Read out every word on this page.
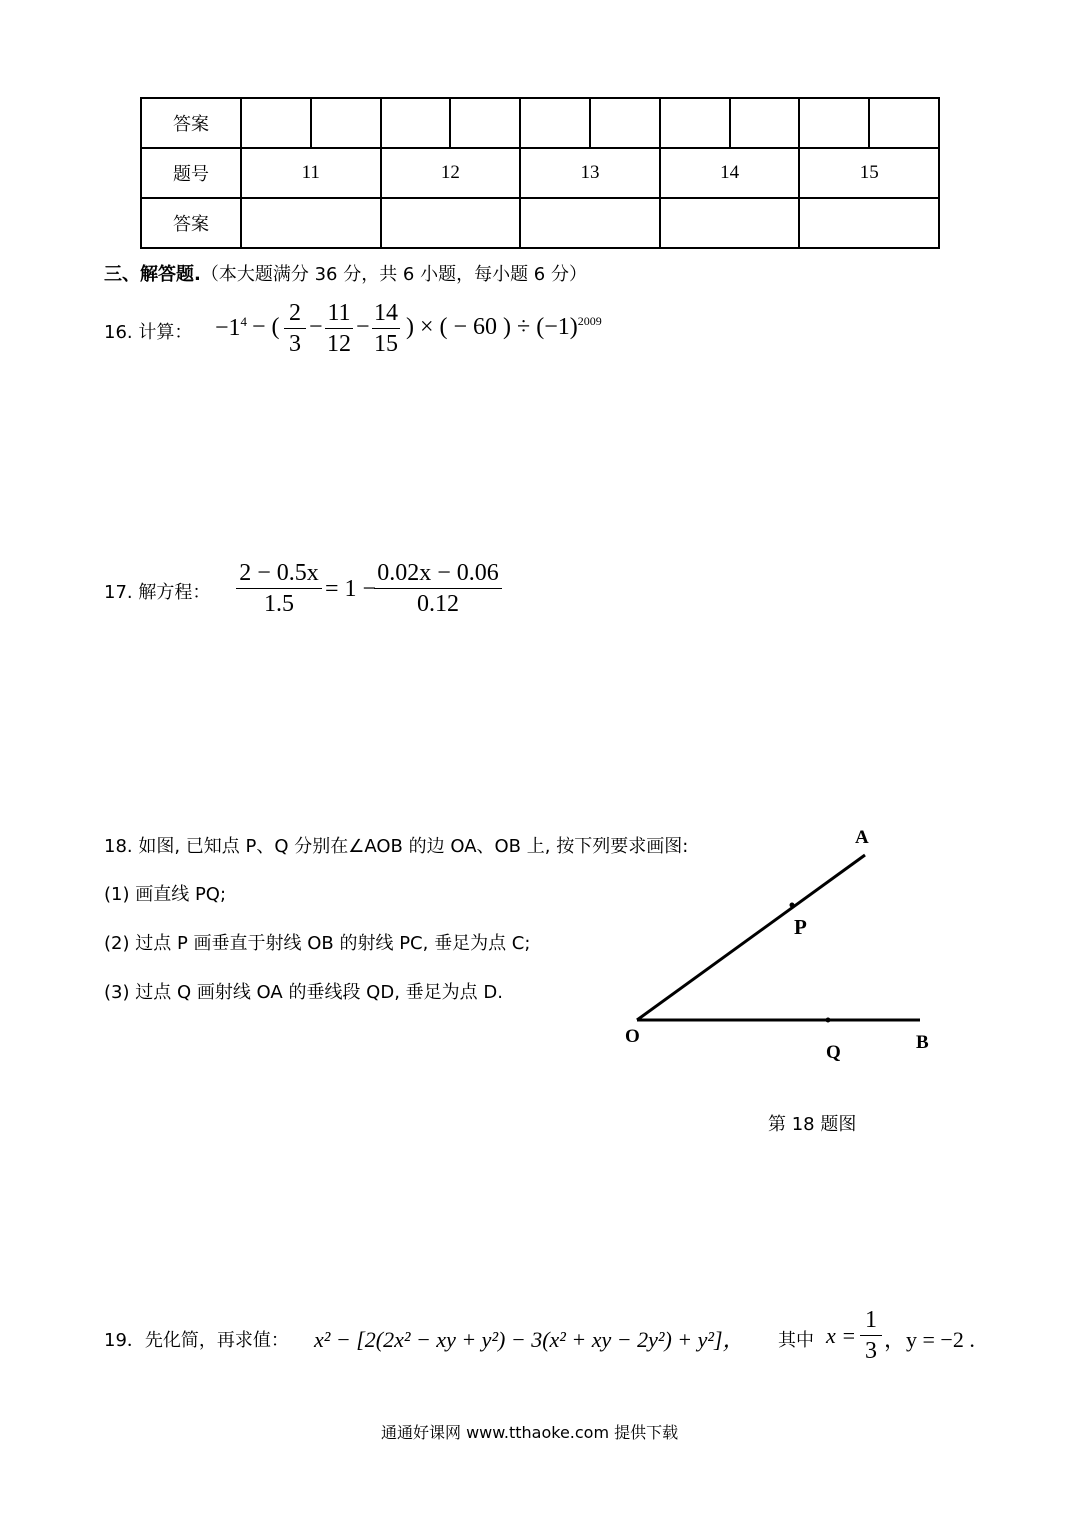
答案										
题号	11		12		13		14		15	
答案										
三、解答题.（本大题满分 36 分，共 6 小题，每小题 6 分）
16. 计算： $-1^4$ − (
2
3
−
11
12
−
14
15
) × ( − 60 ) ÷ $(-1)^{2009}$
17. 解方程：
2 − 0.5x
1.5
= 1 −
0.02x − 0.06
0.12
18. 如图, 已知点 P、Q 分别在∠AOB 的边 OA、OB 上, 按下列要求画图:
(1) 画直线 PQ;
(2) 过点 P 画垂直于射线 OB 的射线 PC, 垂足为点 C;
(3) 过点 Q 画射线 OA 的垂线段 QD, 垂足为点 D.
A
P
O
Q	B
第 18 题图
19．先化简，再求值： x² − [2(2x² − xy + y²) − 3(x² + xy − 2y²) + y²]， 其中 x =
1
3 ，y = −2 .
通通好课网 www.tthaoke.com 提供下载
